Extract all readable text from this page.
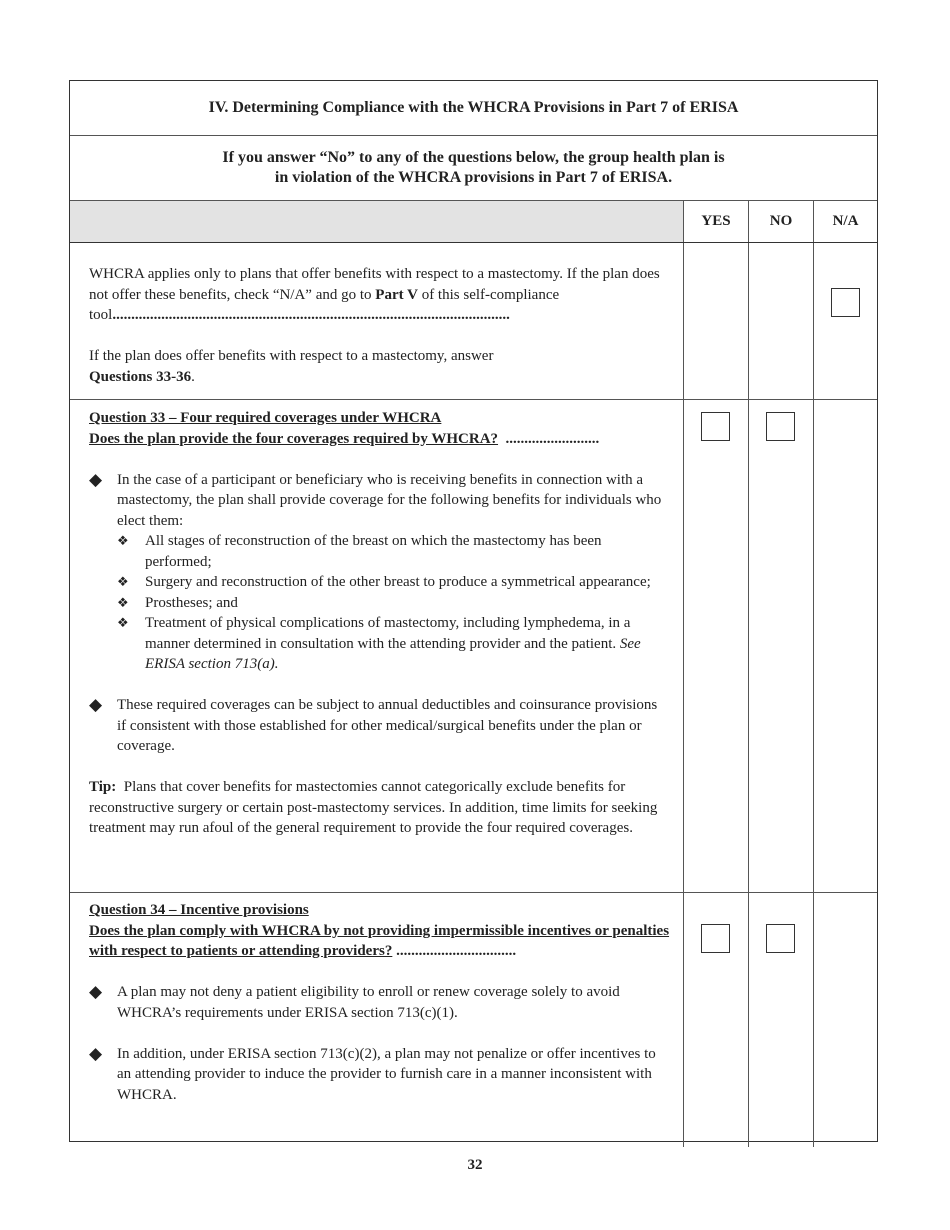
IV. Determining Compliance with the WHCRA Provisions in Part 7 of ERISA
If you answer “No” to any of the questions below, the group health plan is
in violation of the WHCRA provisions in Part 7 of ERISA.
YES	NO	N/A

WHCRA applies only to plans that offer benefits with respect to a mastectomy. If the plan does not offer these benefits, check “N/A” and go to Part V of this self-compliance tool..........................................................................................................

If the plan does offer benefits with respect to a mastectomy, answer
Questions 33-36.

Question 33 – Four required coverages under WHCRA

Does the plan provide the four coverages required by WHCRA? .........................

◆ In the case of a participant or beneficiary who is receiving benefits in connection with a mastectomy, the plan shall provide coverage for the following benefits for individuals who elect them:

❖	All stages of reconstruction of the breast on which the mastectomy has been performed;
❖	Surgery and reconstruction of the other breast to produce a symmetrical appearance;
❖	Prostheses; and
❖	Treatment of physical complications of mastectomy, including lymphedema, in a manner determined in consultation with the attending provider and the patient. See ERISA section 713(a).
◆ These required coverages can be subject to annual deductibles and coinsurance provisions if consistent with those established for other medical/surgical benefits under the plan or coverage.

Tip: Plans that cover benefits for mastectomies cannot categorically exclude benefits for reconstructive surgery or certain post-mastectomy services. In addition, time limits for seeking treatment may run afoul of the general requirement to provide the four required coverages.

Question 34 – Incentive provisions

Does the plan comply with WHCRA by not providing impermissible incentives or penalties with respect to patients or attending providers? ................................

◆ A plan may not deny a patient eligibility to enroll or renew coverage solely to avoid WHCRA’s requirements under ERISA section 713(c)(1).

◆ In addition, under ERISA section 713(c)(2), a plan may not penalize or offer incentives to an attending provider to induce the provider to furnish care in a manner inconsistent with WHCRA.

32
